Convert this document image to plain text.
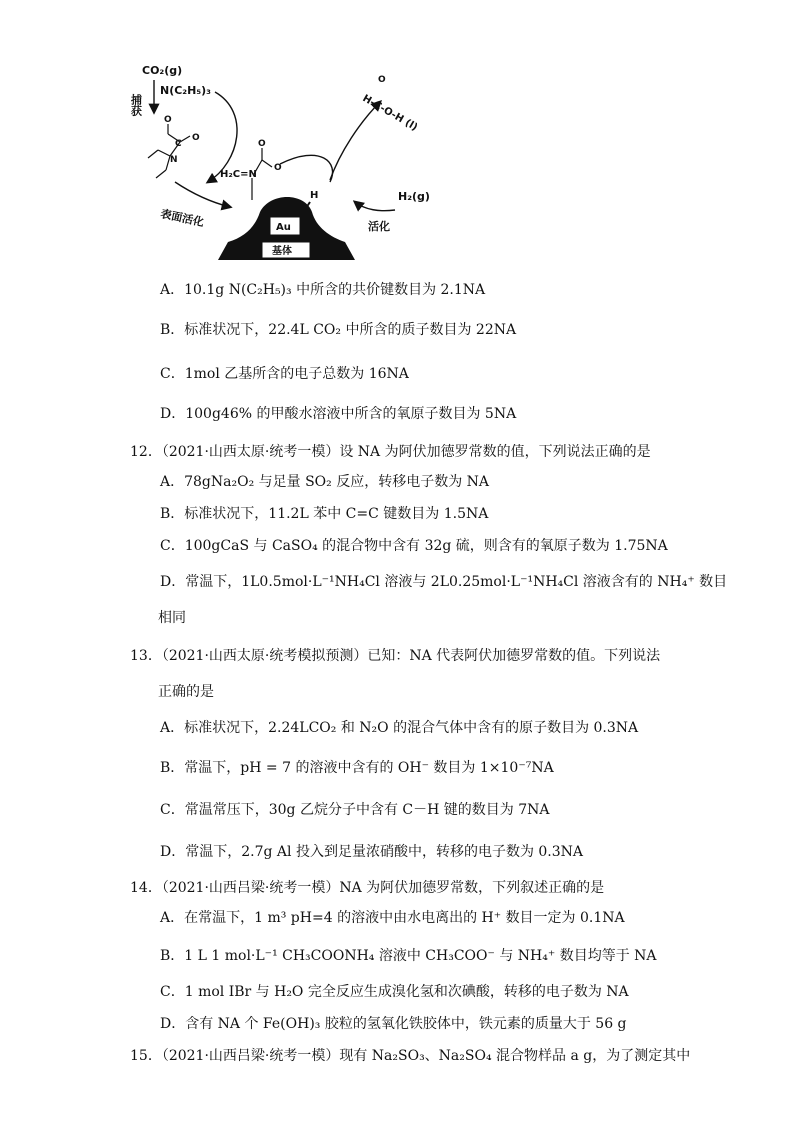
CO₂(g)
N(C₂H₅)₃
捕获
O
O
C
N
表面活化
H₂C=N
O
O
H-C-O-H (l)
O
H₂(g)
活化
H
Au
基体
A．10.1g N(C₂H₅)₃ 中所含的共价键数目为 2.1NA
B．标准状况下，22.4L CO₂ 中所含的质子数目为 22NA
C．1mol 乙基所含的电子总数为 16NA
D．100g46% 的甲酸水溶液中所含的氧原子数目为 5NA
12．（2021·山西太原·统考一模）设 NA 为阿伏加德罗常数的值，下列说法正确的是
A．78gNa₂O₂ 与足量 SO₂ 反应，转移电子数为 NA
B．标准状况下，11.2L 苯中 C=C 键数目为 1.5NA
C．100gCaS 与 CaSO₄ 的混合物中含有 32g 硫，则含有的氧原子数为 1.75NA
D．常温下，1L0.5mol·L⁻¹NH₄Cl 溶液与 2L0.25mol·L⁻¹NH₄Cl 溶液含有的 NH₄⁺ 数目
相同
13．（2021·山西太原·统考模拟预测）已知：NA 代表阿伏加德罗常数的值。下列说法
正确的是
A．标准状况下，2.24LCO₂ 和 N₂O 的混合气体中含有的原子数目为 0.3NA
B．常温下，pH = 7 的溶液中含有的 OH⁻ 数目为 1×10⁻⁷NA
C．常温常压下，30g 乙烷分子中含有 C－H 键的数目为 7NA
D．常温下，2.7g Al 投入到足量浓硝酸中，转移的电子数为 0.3NA
14．（2021·山西吕梁·统考一模）NA 为阿伏加德罗常数，下列叙述正确的是
A．在常温下，1 m³ pH=4 的溶液中由水电离出的 H⁺ 数目一定为 0.1NA
B．1 L 1 mol·L⁻¹ CH₃COONH₄ 溶液中 CH₃COO⁻ 与 NH₄⁺ 数目均等于 NA
C．1 mol IBr 与 H₂O 完全反应生成溴化氢和次碘酸，转移的电子数为 NA
D．含有 NA 个 Fe(OH)₃ 胶粒的氢氧化铁胶体中，铁元素的质量大于 56 g
15．（2021·山西吕梁·统考一模）现有 Na₂SO₃、Na₂SO₄ 混合物样品 a g，为了测定其中
